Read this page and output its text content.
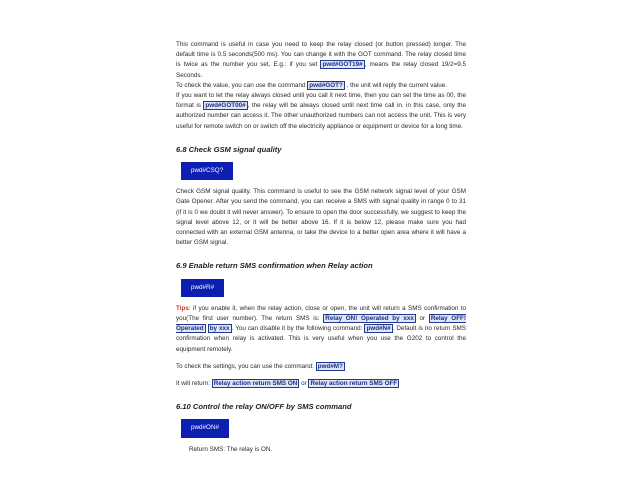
This command is useful in case you need to keep the relay closed (or button pressed) longer. The default time is 0.5 seconds(500 ms). You can change it with the GOT command. The relay closed time is twice as the number you set, E.g.: if you set pwd#GOT19# , means the relay closed 19/2=9.5 Seconds.
To check the value, you can use the command pwd#GOT? , the unit will reply the current value.
If you want to let the relay always closed until you call it next time, then you can set the time as 00, the format is pwd#GOT00# , the relay will be always closed until next time call in. in this case, only the authorized number can access it. The other unauthorized numbers can not access the unit. This is very useful for remote switch on or switch off the electricity appliance or equipment or device for a long time.

6.8 Check GSM signal quality
pwd#CSQ?

Check GSM signal quality. This command is useful to see the GSM network signal level of your GSM Gate Opener. After you send the command, you can receive a SMS with signal quality in range 0 to 31 (if it is 0 we doubt it will never answer). To ensure to open the door successfully, we suggest to keep the signal level above 12, or it will be better above 16. If it is below 12, please make sure you had connected with an external GSM antenna, or take the device to a better open area where it will have a better GSM signal.

6.9 Enable return SMS confirmation when Relay action
pwd#R#

Tips: if you enable it, when the relay action, close or open, the unit will return a SMS confirmation to you(The first user number). The return SMS is: Relay ON! Operated by xxx or Relay OFF! Operated by xxx . You can disable it by the following command: pwd#N# . Default is no return SMS confirmation when relay is activated. This is very useful when you use the G202 to control the equipment remotely.

To check the settings, you can use the command: pwd#M?

It will return: Relay action return SMS ON or Relay action return SMS OFF

6.10 Control the relay ON/OFF by SMS command
pwd#ON#

Return SMS: The relay is ON.
